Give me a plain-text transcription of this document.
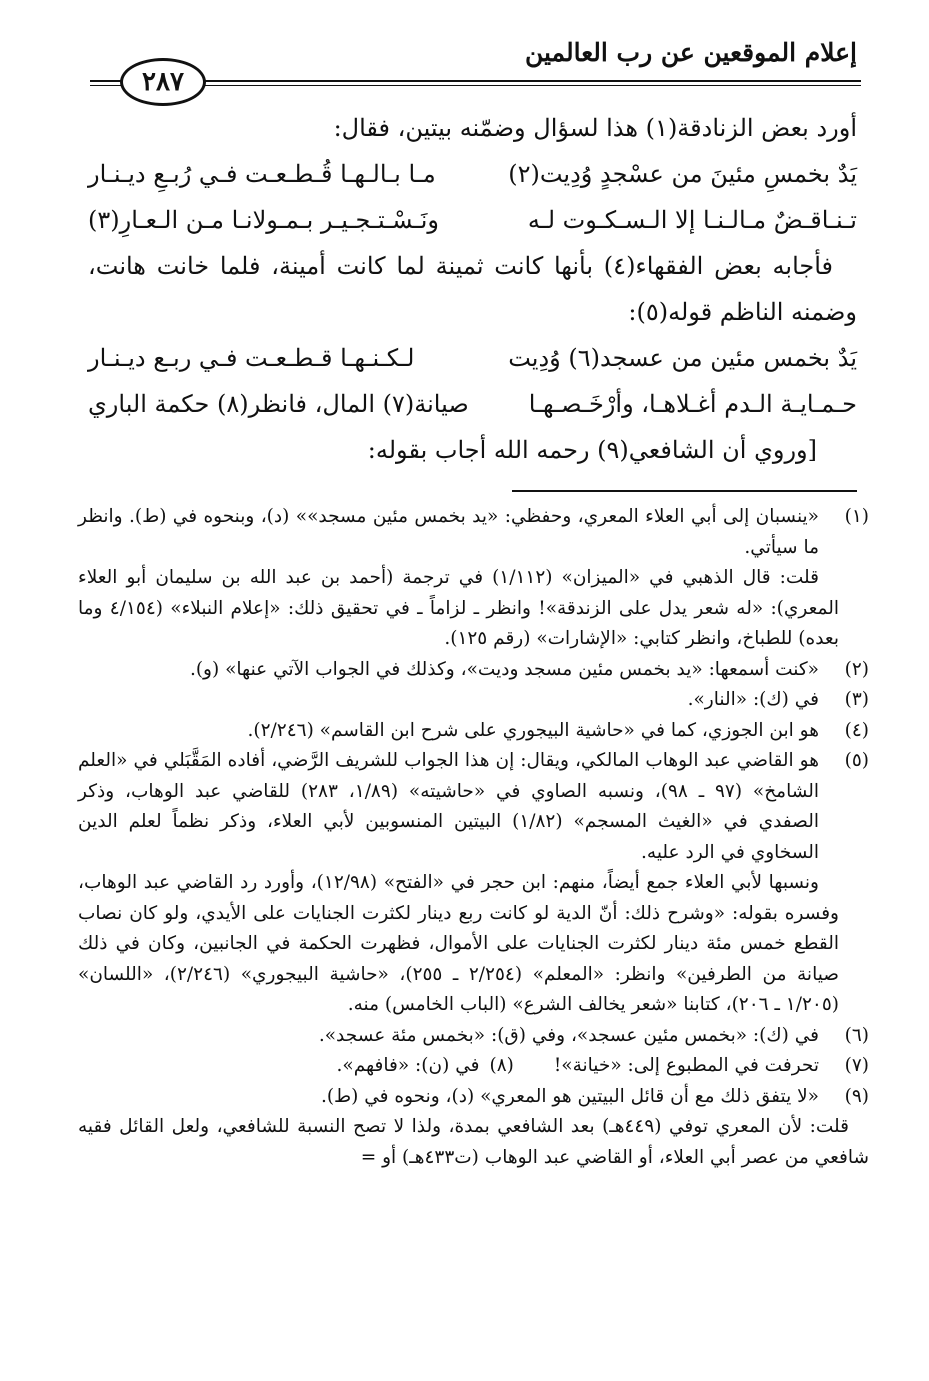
إعلام الموقعين عن رب العالمين
٢٨٧
أورد بعض الزنادقة(١) هذا لسؤال وضمّنه بيتين، فقال:
يَدٌ بخمسِ مئينَ من عسْجدٍ وُدِيت(٢)
مـا بـالـهـا قُـطـعـت فـي رُبـعِ ديـنـار
تـنـاقـضٌ مـالـنـا إلا الـسـكـوت لـه
ونَـسْـتـجـيـر بـمـولانـا مـن الـعـارِ(٣)
فأجابه بعض الفقهاء(٤) بأنها كانت ثمينة لما كانت أمينة، فلما خانت هانت، وضمنه الناظم قوله(٥):
يَدٌ بخمس مئين من عسجد(٦) وُدِيت
لـكـنـهـا قـطـعـت فـي ربـع ديـنـار
حـمـايـة الـدم أغـلاهـا، وأرْخَـصـهـا
صيانة(٧) المال، فانظر(٨) حكمة الباري
[وروي أن الشافعي(٩) رحمه الله أجاب بقوله:
(١)
«ينسبان إلى أبي العلاء المعري، وحفظي: «يد بخمس مئين مسجد»» (د)، وبنحوه في (ط). وانظر ما سيأتي.
قلت: قال الذهبي في «الميزان» (١/١١٢) في ترجمة (أحمد بن عبد الله بن سليمان أبو العلاء المعري): «له شعر يدل على الزندقة»! وانظر ـ لزاماً ـ في تحقيق ذلك: «إعلام النبلاء» (٤/١٥٤ وما بعده) للطباخ، وانظر كتابي: «الإشارات» (رقم ١٢٥).
(٢)
«كنت أسمعها: «يد بخمس مئين مسجد وديت»، وكذلك في الجواب الآتي عنها» (و).
(٣)
في (ك): «النار».
(٤)
هو ابن الجوزي، كما في «حاشية البيجوري على شرح ابن القاسم» (٢/٢٤٦).
(٥)
هو القاضي عبد الوهاب المالكي، ويقال: إن هذا الجواب للشريف الرَّضي، أفاده المَقَّبَلي في «العلم الشامخ» (٩٧ ـ ٩٨)، ونسبه الصاوي في «حاشيته» (١/٨٩، ٢٨٣) للقاضي عبد الوهاب، وذكر الصفدي في «الغيث المسجم» (١/٨٢) البيتين المنسوبين لأبي العلاء، وذكر نظماً لعلم الدين السخاوي في الرد عليه.
ونسبها لأبي العلاء جمع أيضاً، منهم: ابن حجر في «الفتح» (١٢/٩٨)، وأورد رد القاضي عبد الوهاب، وفسره بقوله: «وشرح ذلك: أنّ الدية لو كانت ربع دينار لكثرت الجنايات على الأيدي، ولو كان نصاب القطع خمس مئة دينار لكثرت الجنايات على الأموال، فظهرت الحكمة في الجانبين، وكان في ذلك صيانة من الطرفين» وانظر: «المعلم» (٢/٢٥٤ ـ ٢٥٥)، «حاشية البيجوري» (٢/٢٤٦)، «اللسان» (١/٢٠٥ ـ ٢٠٦)، كتابنا «شعر يخالف الشرع» (الباب الخامس) منه.
(٦)
في (ك): «بخمس مئين عسجد»، وفي (ق): «بخمس مئة عسجد».
(٧)
تحرفت في المطبوع إلى: «خيانة»!
(٨)
في (ن): «فافهم».
(٩)
«لا يتفق ذلك مع أن قائل البيتين هو المعري» (د)، ونحوه في (ط).
قلت: لأن المعري توفي (٤٤٩هـ) بعد الشافعي بمدة، ولذا لا تصح النسبة للشافعي، ولعل القائل فقيه شافعي من عصر أبي العلاء، أو القاضي عبد الوهاب (ت٤٣٣هـ) أو =
